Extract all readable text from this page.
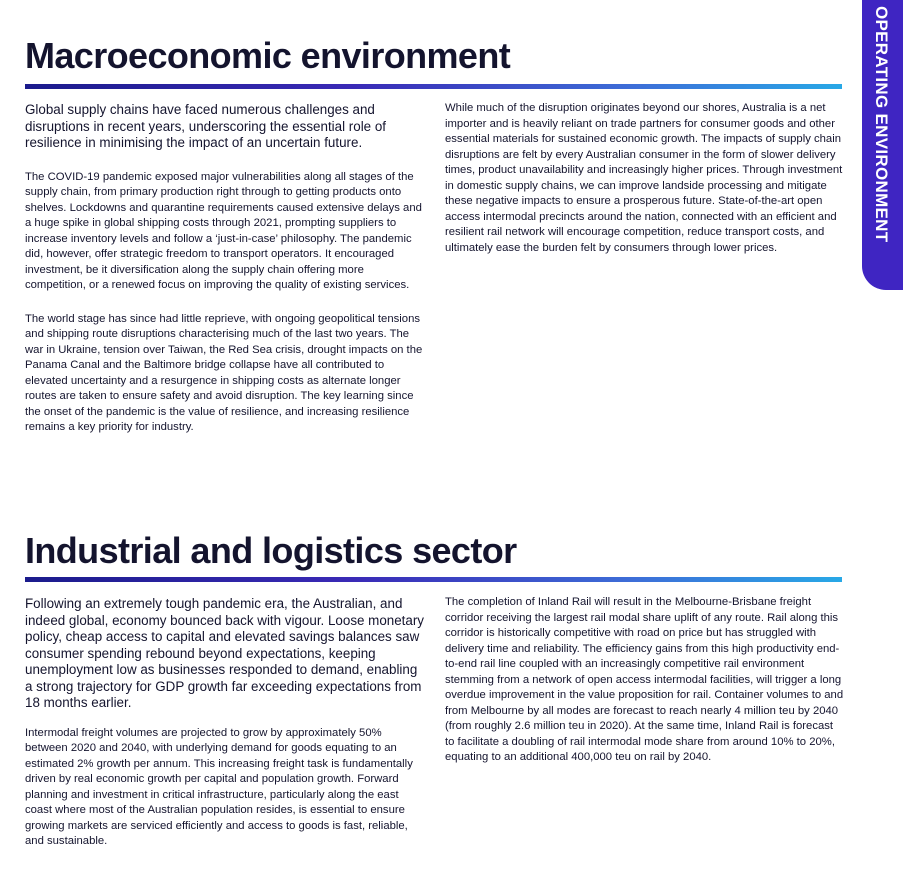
OPERATING ENVIRONMENT
Macroeconomic environment

Global supply chains have faced numerous challenges and disruptions in recent years, underscoring the essential role of resilience in minimising the impact of an uncertain future.

The COVID-19 pandemic exposed major vulnerabilities along all stages of the supply chain, from primary production right through to getting products onto shelves. Lockdowns and quarantine requirements caused extensive delays and a huge spike in global shipping costs through 2021, prompting suppliers to increase inventory levels and follow a ‘just-in-case’ philosophy. The pandemic did, however, offer strategic freedom to transport operators. It encouraged investment, be it diversification along the supply chain offering more competition, or a renewed focus on improving the quality of existing services.

The world stage has since had little reprieve, with ongoing geopolitical tensions and shipping route disruptions characterising much of the last two years. The war in Ukraine, tension over Taiwan, the Red Sea crisis, drought impacts on the Panama Canal and the Baltimore bridge collapse have all contributed to elevated uncertainty and a resurgence in shipping costs as alternate longer routes are taken to ensure safety and avoid disruption. The key learning since the onset of the pandemic is the value of resilience, and increasing resilience remains a key priority for industry.

While much of the disruption originates beyond our shores, Australia is a net importer and is heavily reliant on trade partners for consumer goods and other essential materials for sustained economic growth. The impacts of supply chain disruptions are felt by every Australian consumer in the form of slower delivery times, product unavailability and increasingly higher prices. Through investment in domestic supply chains, we can improve landside processing and mitigate these negative impacts to ensure a prosperous future. State-of-the-art open access intermodal precincts around the nation, connected with an efficient and resilient rail network will encourage competition, reduce transport costs, and ultimately ease the burden felt by consumers through lower prices.

Industrial and logistics sector

Following an extremely tough pandemic era, the Australian, and indeed global, economy bounced back with vigour. Loose monetary policy, cheap access to capital and elevated savings balances saw consumer spending rebound beyond expectations, keeping unemployment low as businesses responded to demand, enabling a strong trajectory for GDP growth far exceeding expectations from 18 months earlier.

Intermodal freight volumes are projected to grow by approximately 50% between 2020 and 2040, with underlying demand for goods equating to an estimated 2% growth per annum. This increasing freight task is fundamentally driven by real economic growth per capital and population growth. Forward planning and investment in critical infrastructure, particularly along the east coast where most of the Australian population resides, is essential to ensure growing markets are serviced efficiently and access to goods is fast, reliable, and sustainable.

The completion of Inland Rail will result in the Melbourne-Brisbane freight corridor receiving the largest rail modal share uplift of any route. Rail along this corridor is historically competitive with road on price but has struggled with delivery time and reliability. The efficiency gains from this high productivity end-to-end rail line coupled with an increasingly competitive rail environment stemming from a network of open access intermodal facilities, will trigger a long overdue improvement in the value proposition for rail. Container volumes to and from Melbourne by all modes are forecast to reach nearly 4 million teu by 2040 (from roughly 2.6 million teu in 2020). At the same time, Inland Rail is forecast to facilitate a doubling of rail intermodal mode share from around 10% to 20%, equating to an additional 400,000 teu on rail by 2040.
